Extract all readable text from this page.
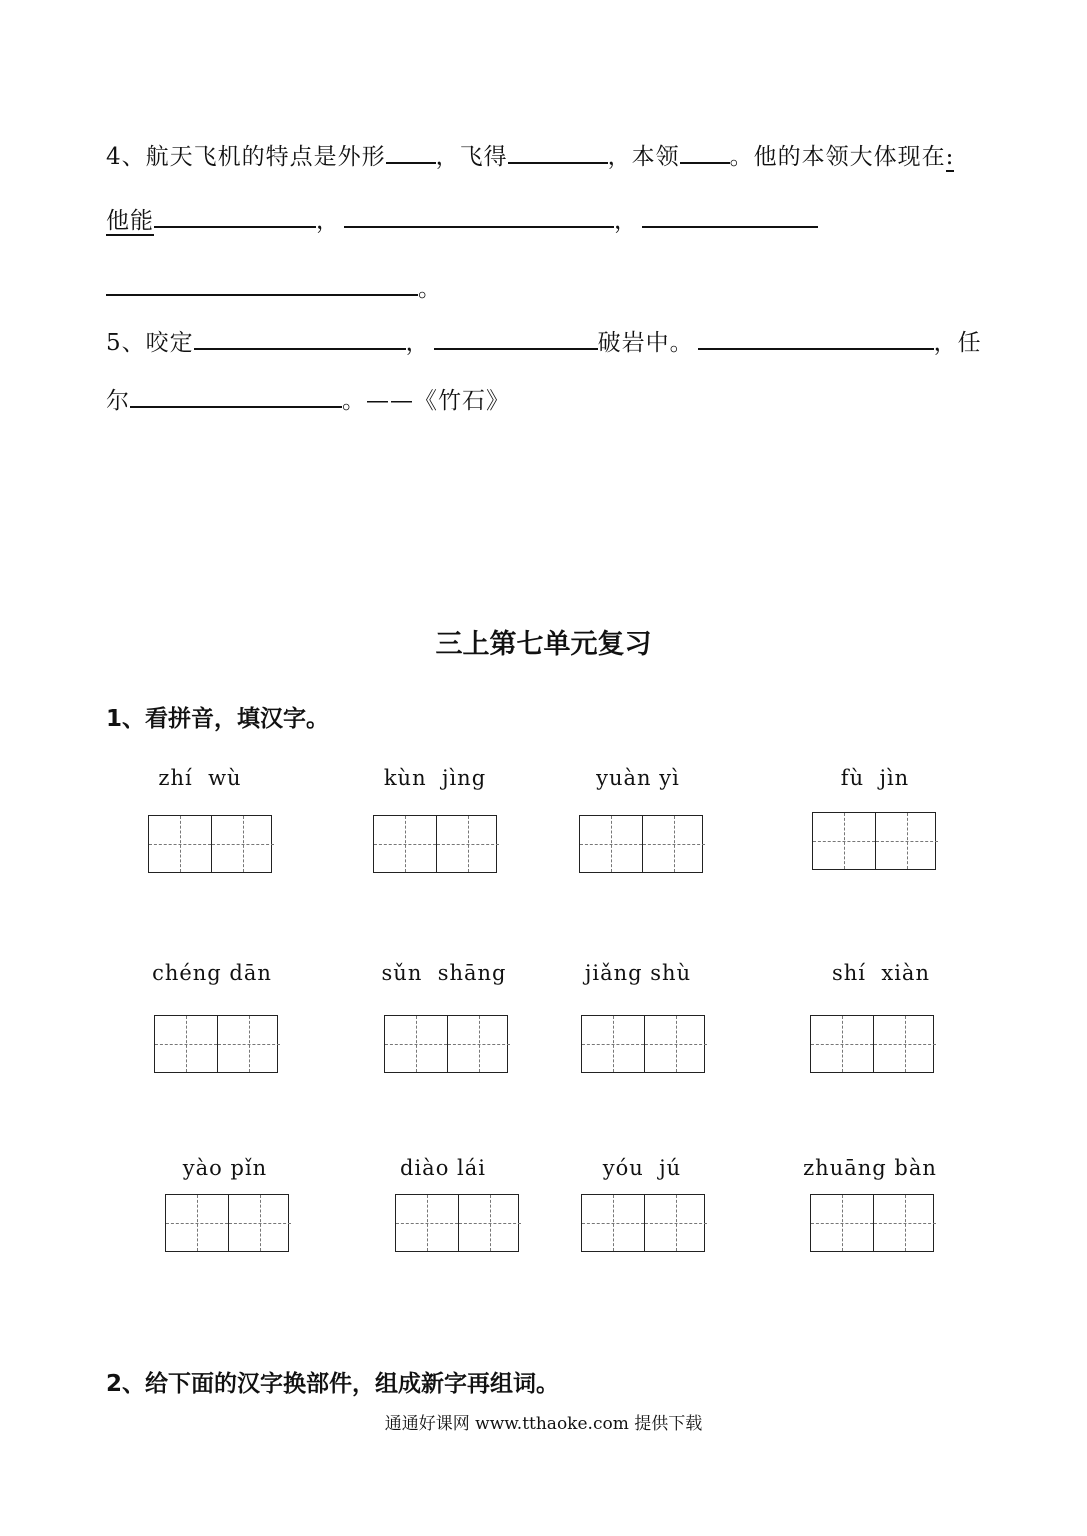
4、航天飞机的特点是外形 ，飞得	，本领 。他的本领大体现在:
他能	，	，
。
5、咬定	，	破岩中。	，任
尔	。——《竹石》
三上第七单元复习
1、看拼音，填汉字。
zhí  wù	kùn  jìng	yuàn yì	fù  jìn
chéng dān	sǔn  shāng	jiǎng shù	shí  xiàn
yào pǐn	diào lái	yóu  jú	zhuāng bàn
2、给下面的汉字换部件，组成新字再组词。
通通好课网 www.tthaoke.com 提供下载
